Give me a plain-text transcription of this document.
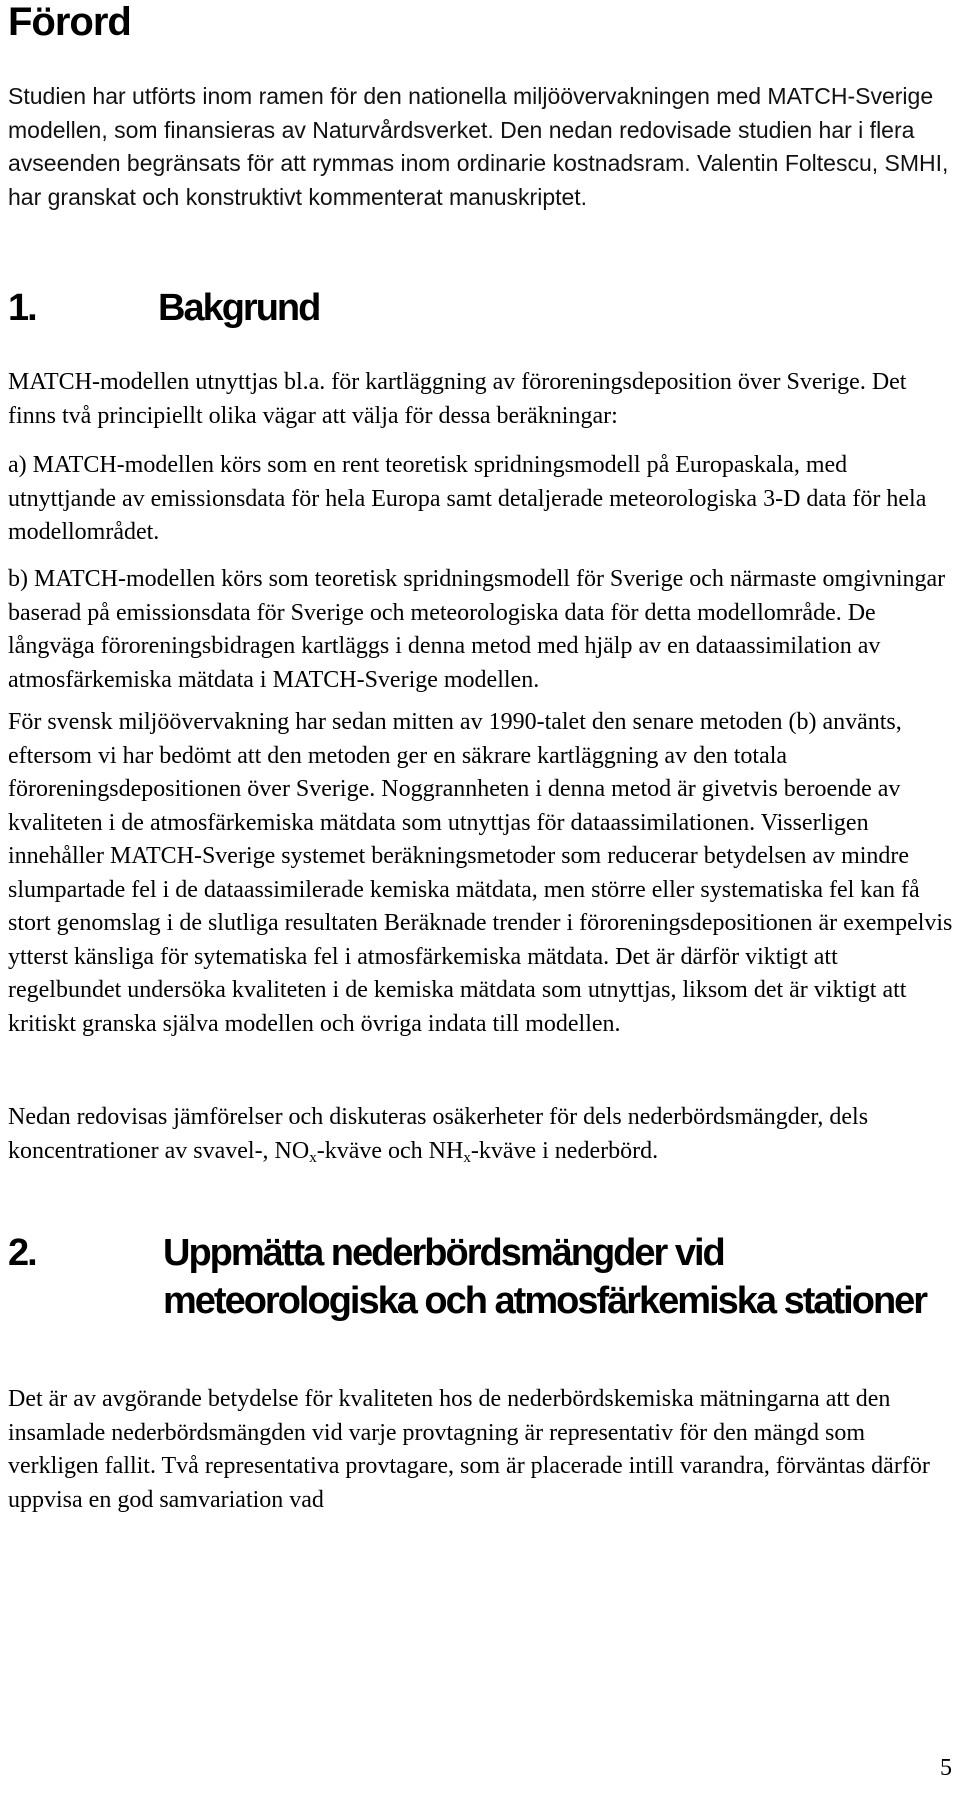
Förord

Studien har utförts inom ramen för den nationella miljöövervakningen med MATCH-Sverige modellen, som finansieras av Naturvårdsverket. Den nedan redovisade studien har i flera avseenden begränsats för att rymmas inom ordinarie kostnadsram. Valentin Foltescu, SMHI, har granskat och konstruktivt kommenterat manuskriptet.

1.	Bakgrund

MATCH-modellen utnyttjas bl.a. för kartläggning av föroreningsdeposition över Sverige. Det finns två principiellt olika vägar att välja för dessa beräkningar:

a) MATCH-modellen körs som en rent teoretisk spridningsmodell på Europaskala, med utnyttjande av emissionsdata för hela Europa samt detaljerade meteorologiska 3-D data för hela modellområdet.

b) MATCH-modellen körs som teoretisk spridningsmodell för Sverige och närmaste omgivningar baserad på emissionsdata för Sverige och meteorologiska data för detta modellområde. De långväga föroreningsbidragen kartläggs i denna metod med hjälp av en dataassimilation av atmosfärkemiska mätdata i MATCH-Sverige modellen.

För svensk miljöövervakning har sedan mitten av 1990-talet den senare metoden (b) använts, eftersom vi har bedömt att den metoden ger en säkrare kartläggning av den totala föroreningsdepositionen över Sverige. Noggrannheten i denna metod är givetvis beroende av kvaliteten i de atmosfärkemiska mätdata som utnyttjas för dataassimilationen. Visserligen innehåller MATCH-Sverige systemet beräkningsmetoder som reducerar betydelsen av mindre slumpartade fel i de dataassimilerade kemiska mätdata, men större eller systematiska fel kan få stort genomslag i de slutliga resultaten Beräknade trender i föroreningsdepositionen är exempelvis ytterst känsliga för sytematiska fel i atmosfärkemiska mätdata. Det är därför viktigt att regelbundet undersöka kvaliteten i de kemiska mätdata som utnyttjas, liksom det är viktigt att kritiskt granska själva modellen och övriga indata till modellen.

Nedan redovisas jämförelser och diskuteras osäkerheter för dels nederbördsmängder, dels koncentrationer av svavel-, $NO_x$-kväve och $NH_x$-kväve i nederbörd.

2.	Uppmätta nederbördsmängder vid meteorologiska och atmosfärkemiska stationer

Det är av avgörande betydelse för kvaliteten hos de nederbördskemiska mätningarna att den insamlade nederbördsmängden vid varje provtagning är representativ för den mängd som verkligen fallit. Två representativa provtagare, som är placerade intill varandra, förväntas därför uppvisa en god samvariation vad

5
